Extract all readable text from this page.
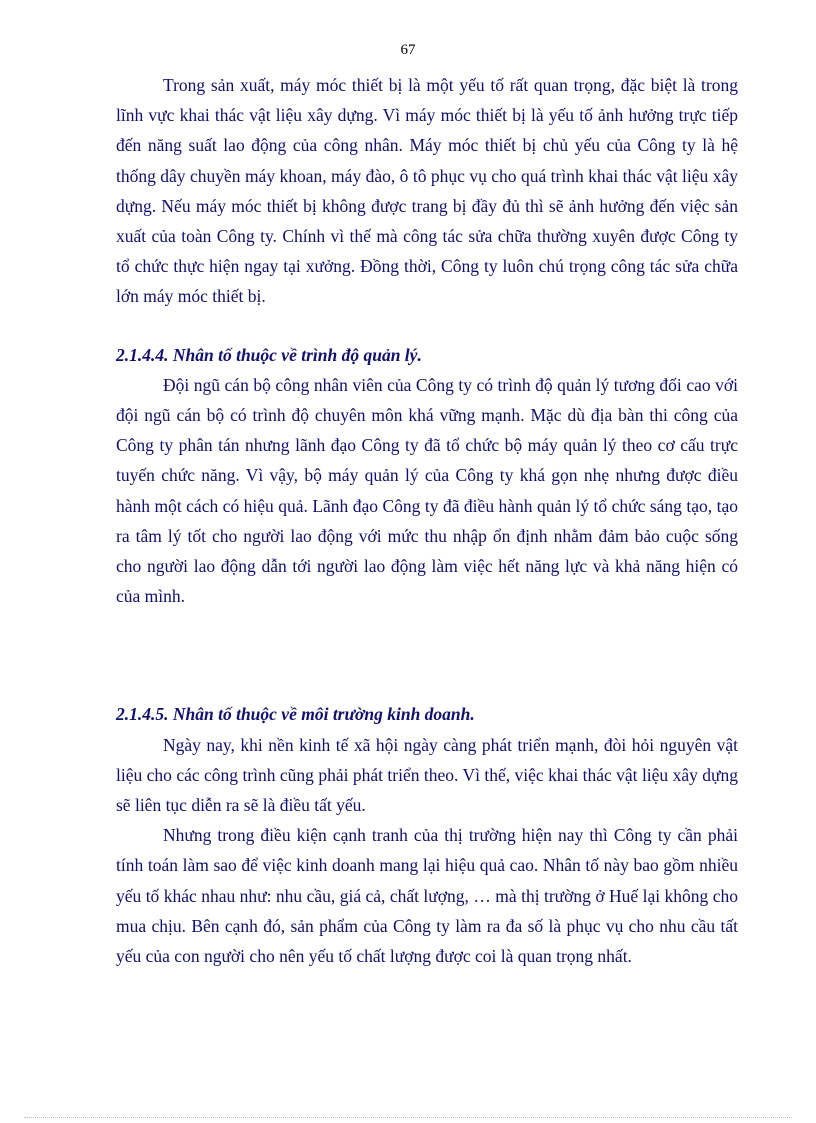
67

Trong sản xuất, máy móc thiết bị là một yếu tố rất quan trọng, đặc biệt là trong lĩnh vực khai thác vật liệu xây dựng. Vì máy móc thiết bị là yếu tố ảnh hưởng trực tiếp đến năng suất lao động của công nhân. Máy móc thiết bị chủ yếu của Công ty là hệ thống dây chuyền máy khoan, máy đào, ô tô phục vụ cho quá trình khai thác vật liệu xây dựng. Nếu máy móc thiết bị không được trang bị đầy đủ thì sẽ ảnh hưởng đến việc sản xuất của toàn Công ty. Chính vì thế mà công tác sửa chữa thường xuyên được Công ty tổ chức thực hiện ngay tại xưởng. Đồng thời, Công ty luôn chú trọng công tác sửa chữa lớn máy móc thiết bị.

2.1.4.4. Nhân tố thuộc về trình độ quản lý.

Đội ngũ cán bộ công nhân viên của Công ty có trình độ quản lý tương đối cao với đội ngũ cán bộ có trình độ chuyên môn khá vững mạnh. Mặc dù địa bàn thi công của Công ty phân tán nhưng lãnh đạo Công ty đã tổ chức bộ máy quản lý theo cơ cấu trực tuyến chức năng. Vì vậy, bộ máy quản lý của Công ty khá gọn nhẹ nhưng được điều hành một cách có hiệu quả. Lãnh đạo Công ty đã điều hành quản lý tổ chức sáng tạo, tạo ra tâm lý tốt cho người lao động với mức thu nhập ổn định nhằm đảm bảo cuộc sống cho người lao động dẫn tới người lao động làm việc hết năng lực và khả năng hiện có của mình.

2.1.4.5. Nhân tố thuộc về môi trường kinh doanh.

Ngày nay, khi nền kinh tế xã hội ngày càng phát triển mạnh, đòi hỏi nguyên vật liệu cho các công trình cũng phải phát triển theo. Vì thế, việc khai thác vật liệu xây dựng sẽ liên tục diễn ra sẽ là điều tất yếu.

Nhưng trong điều kiện cạnh tranh của thị trường hiện nay thì Công ty cần phải tính toán làm sao để việc kinh doanh mang lại hiệu quả cao. Nhân tố này bao gồm nhiều yếu tố khác nhau như: nhu cầu, giá cả, chất lượng, … mà thị trường ở Huế lại không cho mua chịu. Bên cạnh đó, sản phẩm của Công ty làm ra đa số là phục vụ cho nhu cầu tất yếu của con người cho nên yếu tố chất lượng được coi là quan trọng nhất.
